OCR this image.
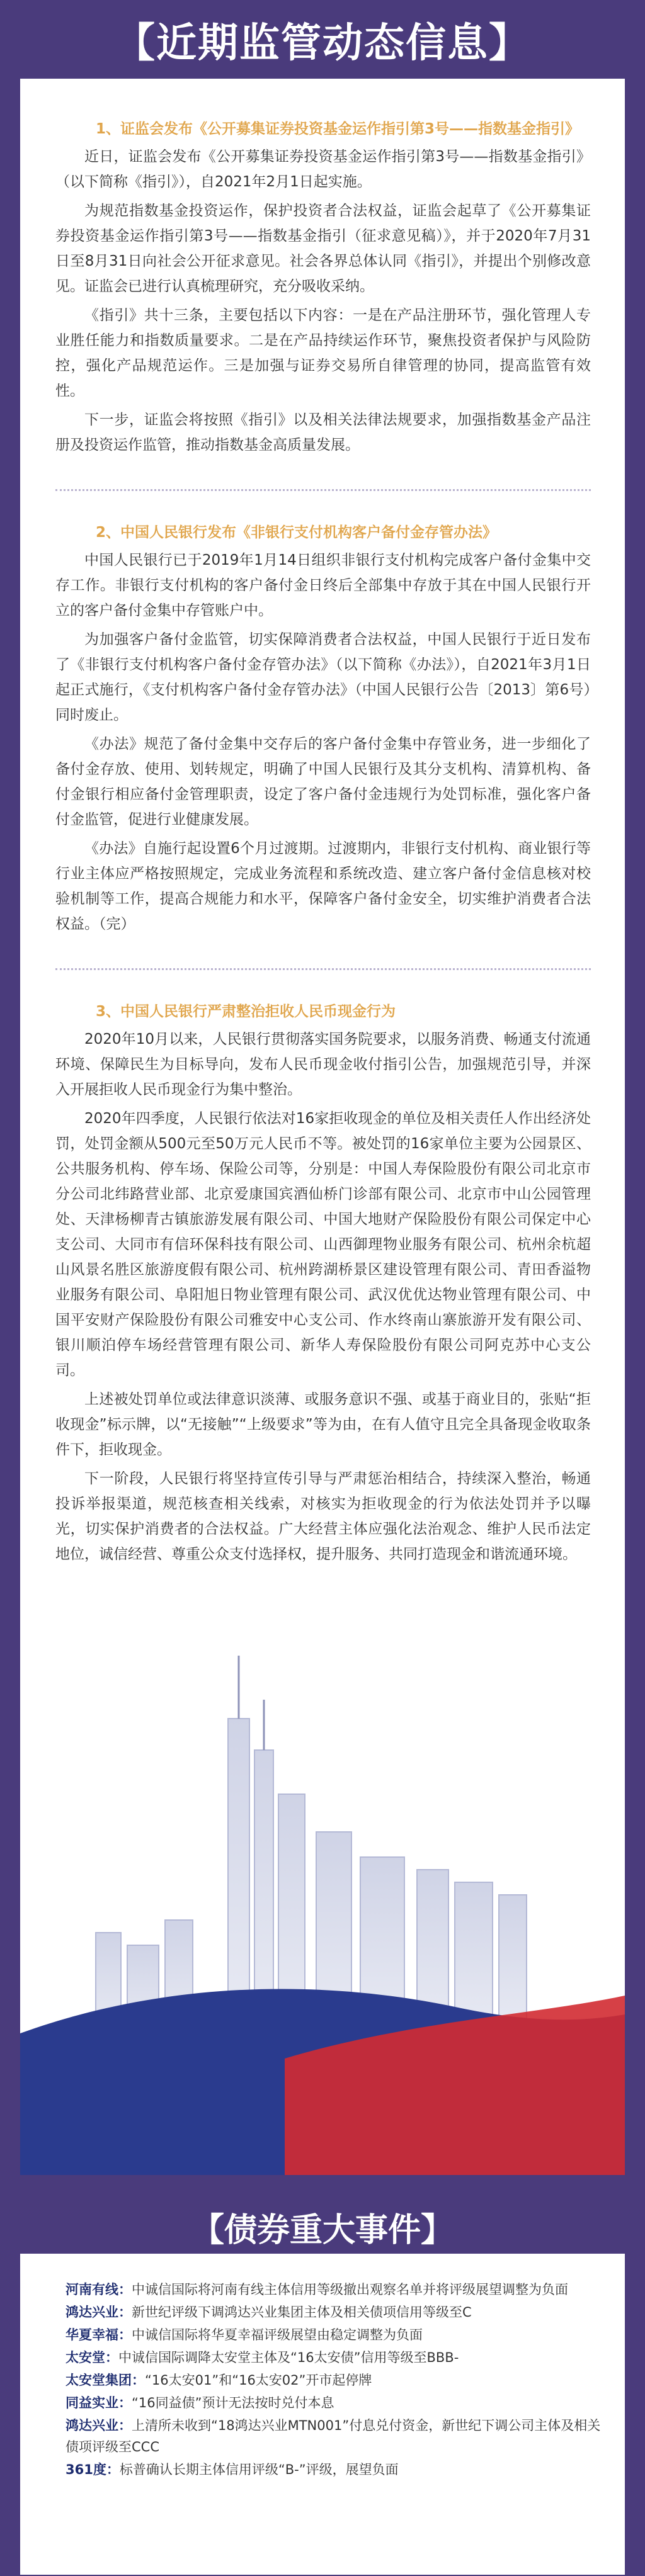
【近期监管动态信息】

1、证监会发布《公开募集证券投资基金运作指引第3号——指数基金指引》

近日，证监会发布《公开募集证券投资基金运作指引第3号——指数基金指引》（以下简称《指引》），自2021年2月1日起实施。

为规范指数基金投资运作，保护投资者合法权益，证监会起草了《公开募集证券投资基金运作指引第3号——指数基金指引（征求意见稿）》，并于2020年7月31日至8月31日向社会公开征求意见。社会各界总体认同《指引》，并提出个别修改意见。证监会已进行认真梳理研究，充分吸收采纳。

《指引》共十三条，主要包括以下内容：一是在产品注册环节，强化管理人专业胜任能力和指数质量要求。二是在产品持续运作环节，聚焦投资者保护与风险防控，强化产品规范运作。三是加强与证券交易所自律管理的协同，提高监管有效性。

下一步，证监会将按照《指引》以及相关法律法规要求，加强指数基金产品注册及投资运作监管，推动指数基金高质量发展。

2、中国人民银行发布《非银行支付机构客户备付金存管办法》

中国人民银行已于2019年1月14日组织非银行支付机构完成客户备付金集中交存工作。非银行支付机构的客户备付金日终后全部集中存放于其在中国人民银行开立的客户备付金集中存管账户中。

为加强客户备付金监管，切实保障消费者合法权益，中国人民银行于近日发布了《非银行支付机构客户备付金存管办法》（以下简称《办法》），自2021年3月1日起正式施行，《支付机构客户备付金存管办法》（中国人民银行公告〔2013〕第6号）同时废止。

《办法》规范了备付金集中交存后的客户备付金集中存管业务，进一步细化了备付金存放、使用、划转规定，明确了中国人民银行及其分支机构、清算机构、备付金银行相应备付金管理职责，设定了客户备付金违规行为处罚标准，强化客户备付金监管，促进行业健康发展。

《办法》自施行起设置6个月过渡期。过渡期内，非银行支付机构、商业银行等行业主体应严格按照规定，完成业务流程和系统改造、建立客户备付金信息核对校验机制等工作，提高合规能力和水平，保障客户备付金安全，切实维护消费者合法权益。（完）

3、中国人民银行严肃整治拒收人民币现金行为

2020年10月以来，人民银行贯彻落实国务院要求，以服务消费、畅通支付流通环境、保障民生为目标导向，发布人民币现金收付指引公告，加强规范引导，并深入开展拒收人民币现金行为集中整治。

2020年四季度，人民银行依法对16家拒收现金的单位及相关责任人作出经济处罚，处罚金额从500元至50万元人民币不等。被处罚的16家单位主要为公园景区、公共服务机构、停车场、保险公司等，分别是：中国人寿保险股份有限公司北京市分公司北纬路营业部、北京爱康国宾酒仙桥门诊部有限公司、北京市中山公园管理处、天津杨柳青古镇旅游发展有限公司、中国大地财产保险股份有限公司保定中心支公司、大同市有信环保科技有限公司、山西御理物业服务有限公司、杭州余杭超山风景名胜区旅游度假有限公司、杭州跨湖桥景区建设管理有限公司、青田香溢物业服务有限公司、阜阳旭日物业管理有限公司、武汉优优达物业管理有限公司、中国平安财产保险股份有限公司雅安中心支公司、作水终南山寨旅游开发有限公司、银川顺泊停车场经营管理有限公司、新华人寿保险股份有限公司阿克苏中心支公司。

上述被处罚单位或法律意识淡薄、或服务意识不强、或基于商业目的，张贴“拒收现金”标示牌，以“无接触”“上级要求”等为由，在有人值守且完全具备现金收取条件下，拒收现金。

下一阶段，人民银行将坚持宣传引导与严肃惩治相结合，持续深入整治，畅通投诉举报渠道，规范核查相关线索，对核实为拒收现金的行为依法处罚并予以曝光，切实保护消费者的合法权益。广大经营主体应强化法治观念、维护人民币法定地位，诚信经营、尊重公众支付选择权，提升服务、共同打造现金和谐流通环境。

【债券重大事件】

河南有线：中诚信国际将河南有线主体信用等级撤出观察名单并将评级展望调整为负面

鸿达兴业：新世纪评级下调鸿达兴业集团主体及相关债项信用等级至C

华夏幸福：中诚信国际将华夏幸福评级展望由稳定调整为负面

太安堂：中诚信国际调降太安堂主体及“16太安债”信用等级至BBB-

太安堂集团：“16太安01”和“16太安02”开市起停牌

同益实业：“16同益债”预计无法按时兑付本息

鸿达兴业：上清所未收到“18鸿达兴业MTN001”付息兑付资金，新世纪下调公司主体及相关债项评级至CCC

361度：标普确认长期主体信用评级“B-”评级，展望负面
